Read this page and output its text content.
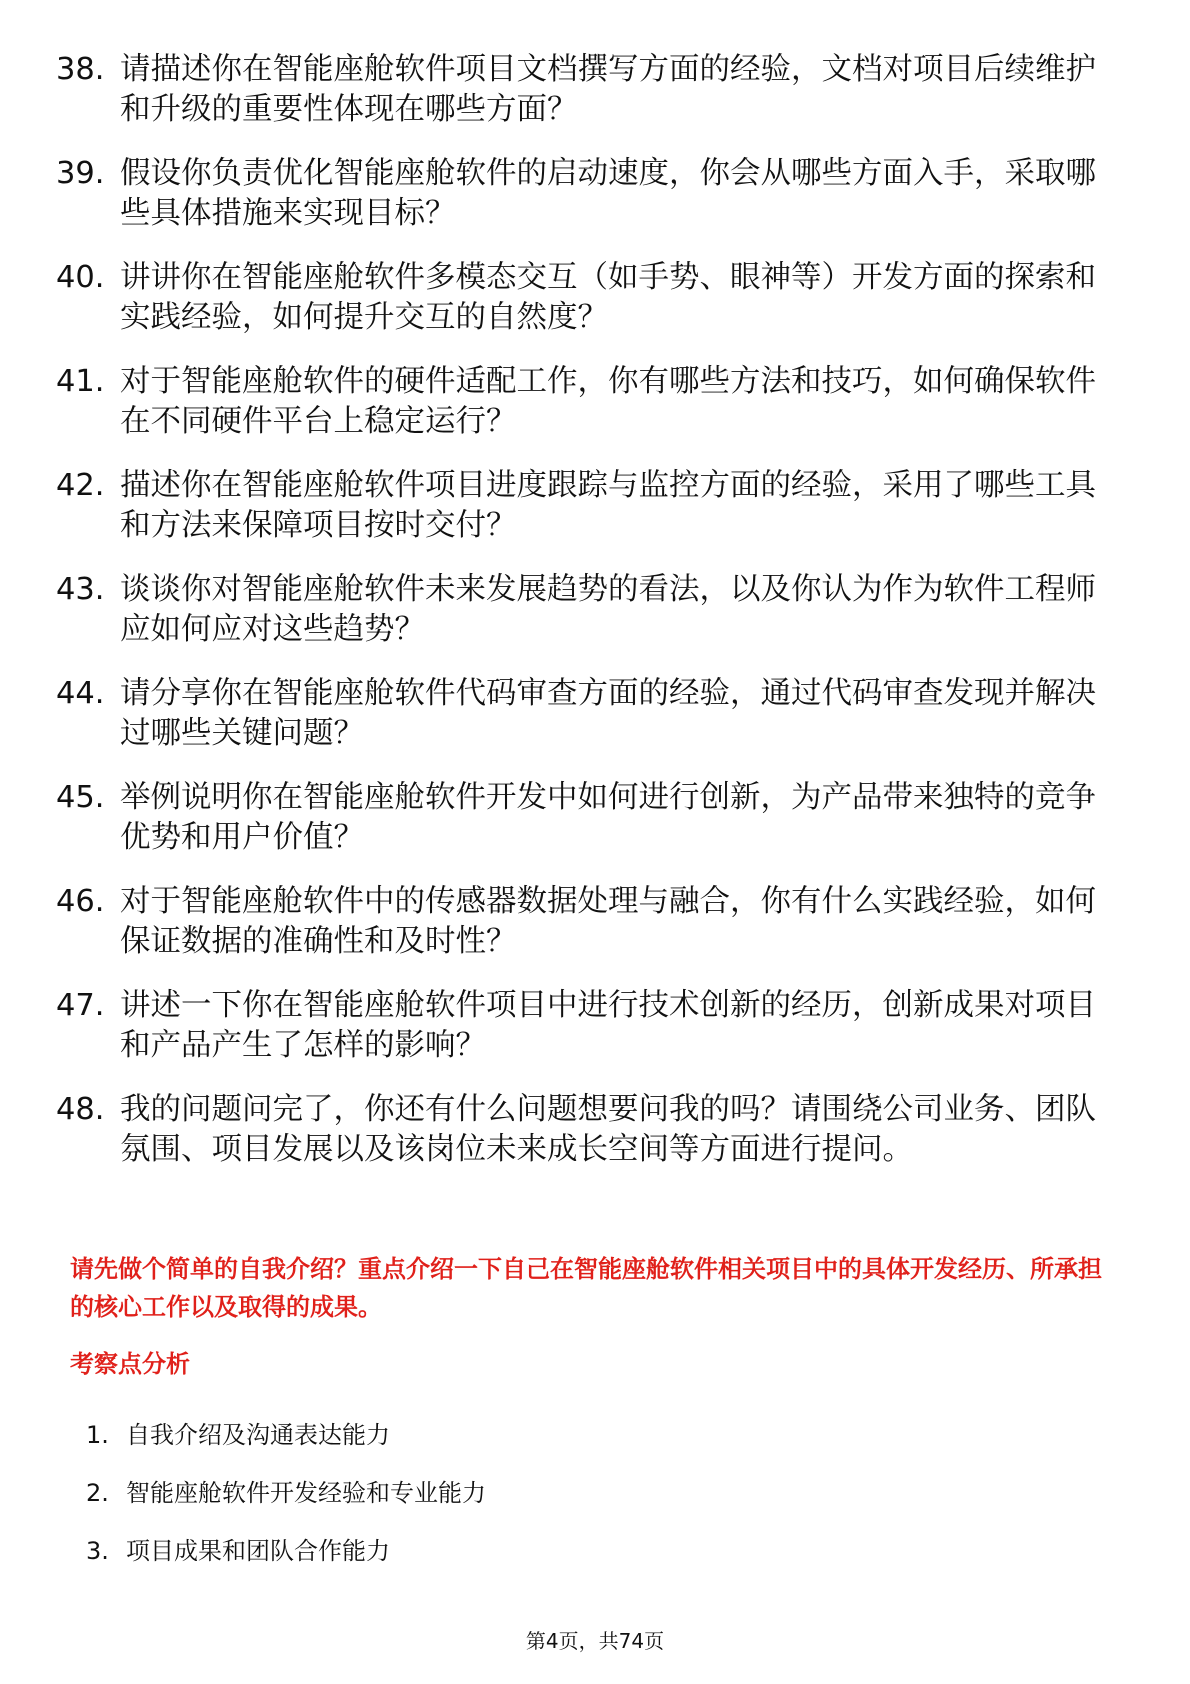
38. 请描述你在智能座舱软件项目文档撰写方面的经验，文档对项目后续维护和升级的重要性体现在哪些方面？
39. 假设你负责优化智能座舱软件的启动速度，你会从哪些方面入手，采取哪些具体措施来实现目标？
40. 讲讲你在智能座舱软件多模态交互（如手势、眼神等）开发方面的探索和实践经验，如何提升交互的自然度？
41. 对于智能座舱软件的硬件适配工作，你有哪些方法和技巧，如何确保软件在不同硬件平台上稳定运行？
42. 描述你在智能座舱软件项目进度跟踪与监控方面的经验，采用了哪些工具和方法来保障项目按时交付？
43. 谈谈你对智能座舱软件未来发展趋势的看法，以及你认为作为软件工程师应如何应对这些趋势？
44. 请分享你在智能座舱软件代码审查方面的经验，通过代码审查发现并解决过哪些关键问题？
45. 举例说明你在智能座舱软件开发中如何进行创新，为产品带来独特的竞争优势和用户价值？
46. 对于智能座舱软件中的传感器数据处理与融合，你有什么实践经验，如何保证数据的准确性和及时性？
47. 讲述一下你在智能座舱软件项目中进行技术创新的经历，创新成果对项目和产品产生了怎样的影响？
48. 我的问题问完了，你还有什么问题想要问我的吗？请围绕公司业务、团队氛围、项目发展以及该岗位未来成长空间等方面进行提问。

请先做个简单的自我介绍？重点介绍一下自己在智能座舱软件相关项目中的具体开发经历、所承担的核心工作以及取得的成果。

考察点分析
1. 自我介绍及沟通表达能力
2. 智能座舱软件开发经验和专业能力
3. 项目成果和团队合作能力
第4页，共74页
